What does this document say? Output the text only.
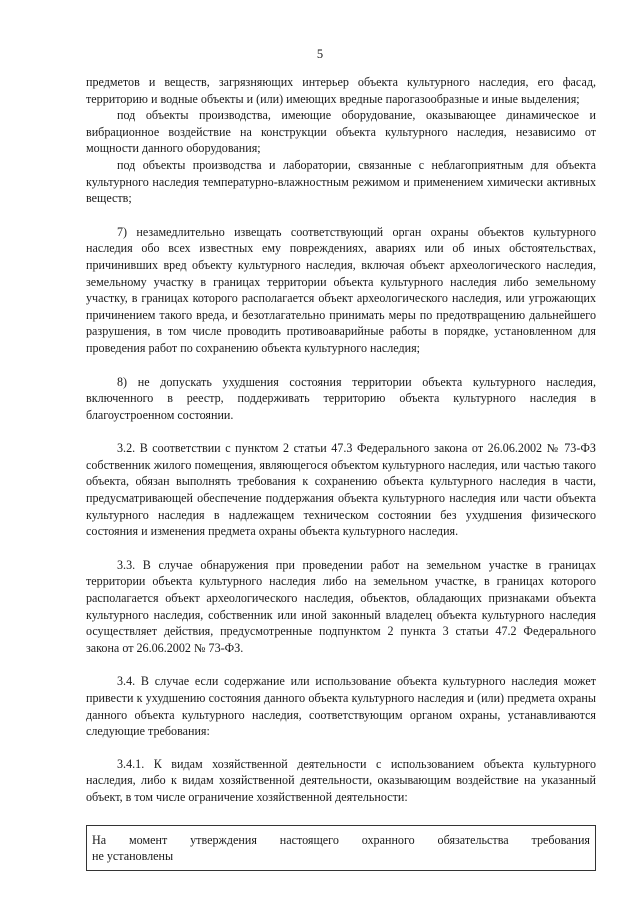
5

предметов и веществ, загрязняющих интерьер объекта культурного наследия, его фасад, территорию и водные объекты и (или) имеющих вредные парогазообразные и иные выделения;

под объекты производства, имеющие оборудование, оказывающее динамическое и вибрационное воздействие на конструкции объекта культурного наследия, независимо от мощности данного оборудования;

под объекты производства и лаборатории, связанные с неблагоприятным для объекта культурного наследия температурно-влажностным режимом и применением химически активных веществ;

7) незамедлительно извещать соответствующий орган охраны объектов культурного наследия обо всех известных ему повреждениях, авариях или об иных обстоятельствах, причинивших вред объекту культурного наследия, включая объект археологического наследия, земельному участку в границах территории объекта культурного наследия либо земельному участку, в границах которого располагается объект археологического наследия, или угрожающих причинением такого вреда, и безотлагательно принимать меры по предотвращению дальнейшего разрушения, в том числе проводить противоаварийные работы в порядке, установленном для проведения работ по сохранению объекта культурного наследия;

8) не допускать ухудшения состояния территории объекта культурного наследия, включенного в реестр, поддерживать территорию объекта культурного наследия в благоустроенном состоянии.

3.2. В соответствии с пунктом 2 статьи 47.3 Федерального закона от 26.06.2002 № 73-ФЗ собственник жилого помещения, являющегося объектом культурного наследия, или частью такого объекта, обязан выполнять требования к сохранению объекта культурного наследия в части, предусматривающей обеспечение поддержания объекта культурного наследия или части объекта культурного наследия в надлежащем техническом состоянии без ухудшения физического состояния и изменения предмета охраны объекта культурного наследия.

3.3. В случае обнаружения при проведении работ на земельном участке в границах территории объекта культурного наследия либо на земельном участке, в границах которого располагается объект археологического наследия, объектов, обладающих признаками объекта культурного наследия, собственник или иной законный владелец объекта культурного наследия осуществляет действия, предусмотренные подпунктом 2 пункта 3 статьи 47.2 Федерального закона от 26.06.2002 № 73-ФЗ.

3.4. В случае если содержание или использование объекта культурного наследия может привести к ухудшению состояния данного объекта культурного наследия и (или) предмета охраны данного объекта культурного наследия, соответствующим органом охраны, устанавливаются следующие требования:

3.4.1. К видам хозяйственной деятельности с использованием объекта культурного наследия, либо к видам хозяйственной деятельности, оказывающим воздействие на указанный объект, в том числе ограничение хозяйственной деятельности:

На момент утверждения настоящего охранного обязательства требования
не установлены
